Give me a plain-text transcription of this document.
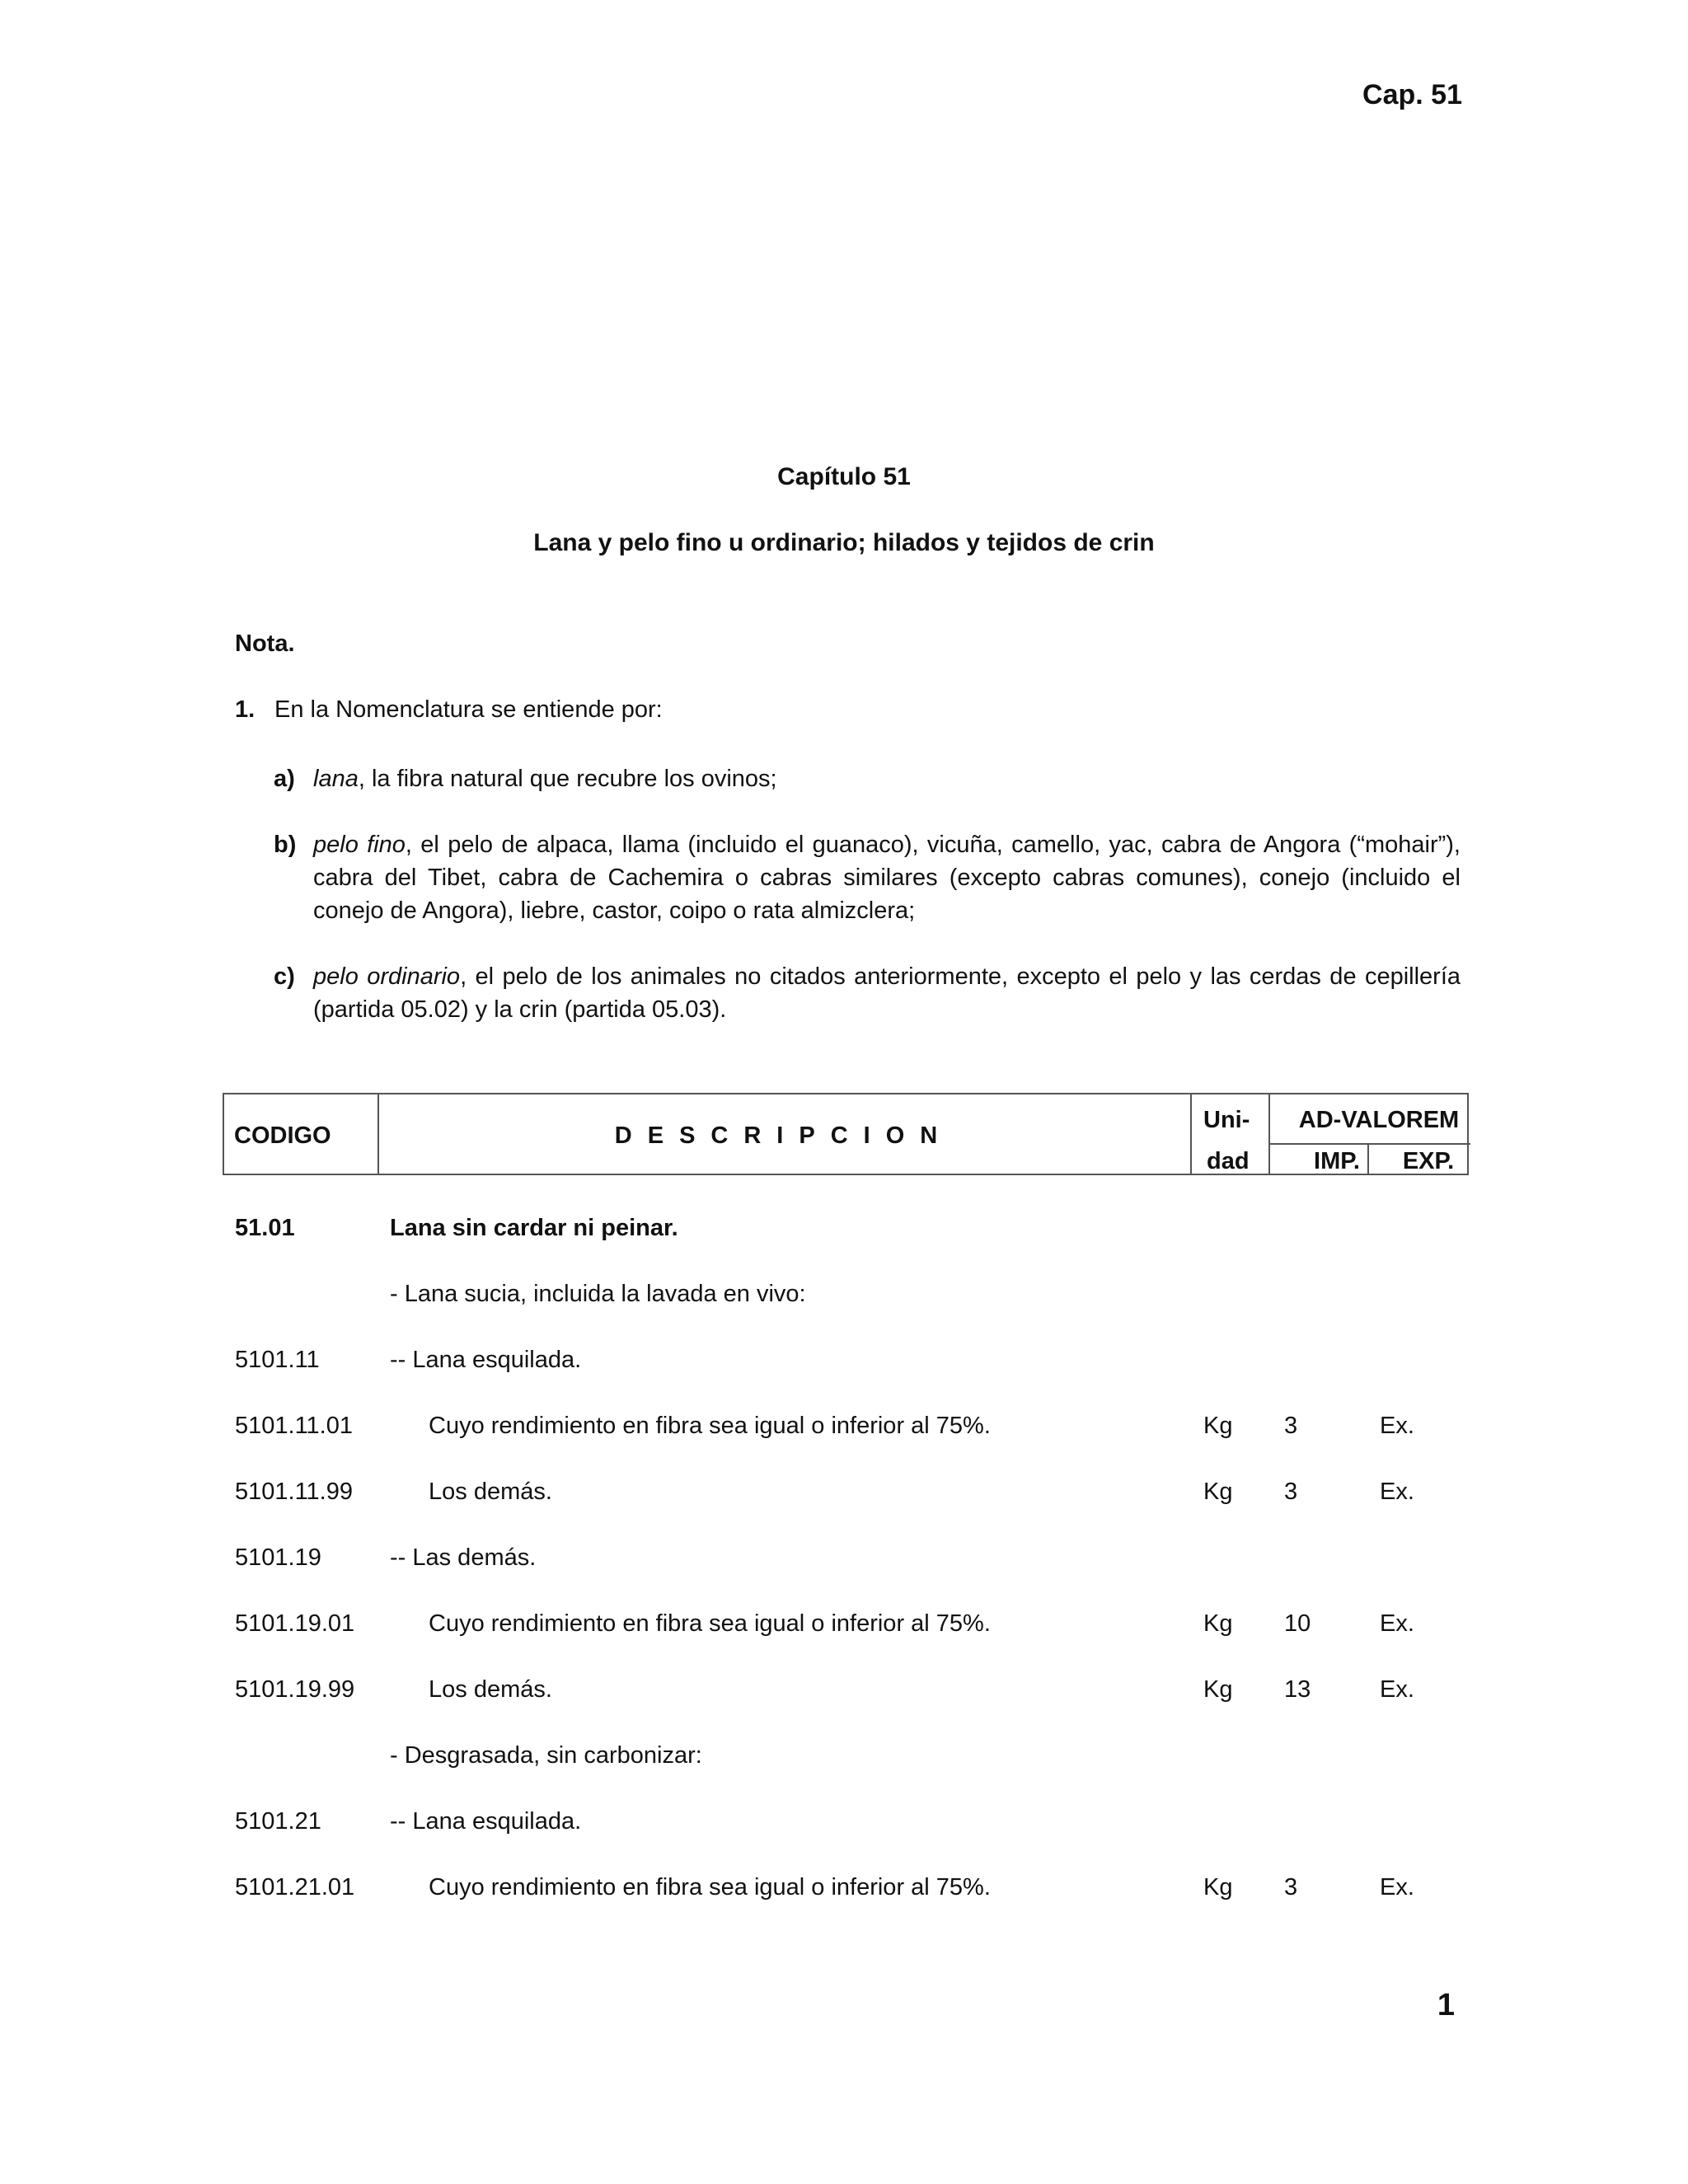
Cap. 51
Capítulo 51
Lana y pelo fino u ordinario; hilados y tejidos de crin
Nota.
1. En la Nomenclatura se entiende por:
a) lana, la fibra natural que recubre los ovinos;
b) pelo fino, el pelo de alpaca, llama (incluido el guanaco), vicuña, camello, yac, cabra de Angora (“mohair”), cabra del Tibet, cabra de Cachemira o cabras similares (excepto cabras comunes), conejo (incluido el conejo de Angora), liebre, castor, coipo o rata almizclera;
c) pelo ordinario, el pelo de los animales no citados anteriormente, excepto el pelo y las cerdas de cepillería (partida 05.02) y la crin (partida 05.03).
CODIGO	DESCRIPCION
Uni-
dad
AD-VALOREM
IMP.	EXP.
51.01	Lana sin cardar ni peinar.
- Lana sucia, incluida la lavada en vivo:
5101.11	-- Lana esquilada.
5101.11.01	Cuyo rendimiento en fibra sea igual o inferior al 75%.	Kg 3	Ex.
5101.11.99	Los demás.	Kg 3	Ex.
5101.19	-- Las demás.
5101.19.01	Cuyo rendimiento en fibra sea igual o inferior al 75%.	Kg 10	Ex.
5101.19.99	Los demás.	Kg 13	Ex.
- Desgrasada, sin carbonizar:
5101.21	-- Lana esquilada.
5101.21.01	Cuyo rendimiento en fibra sea igual o inferior al 75%.	Kg 3	Ex.
1
